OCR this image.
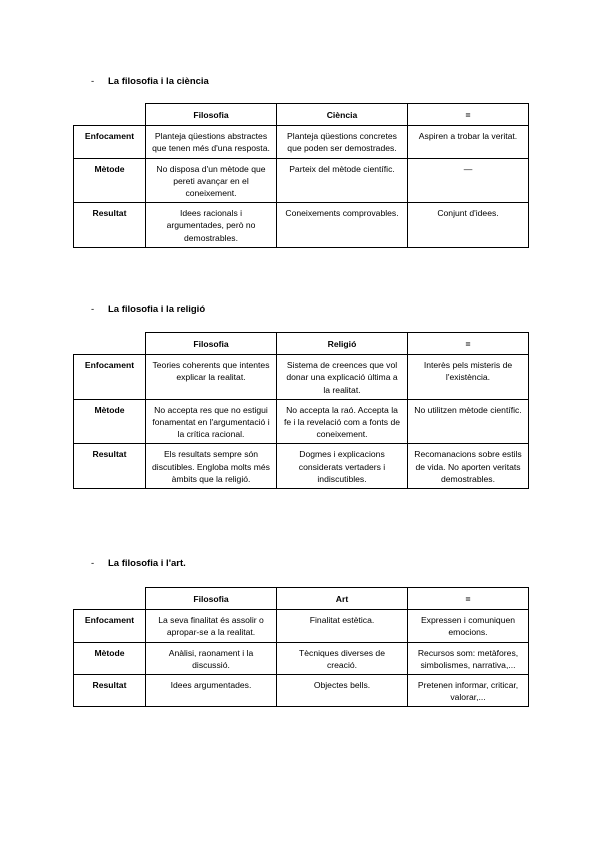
- La filosofia i la ciència
	Filosofia	Ciència	=
Enfocament	Planteja qüestions abstractes que tenen més d'una resposta.	Planteja qüestions concretes que poden ser demostrades.	Aspiren a trobar la veritat.
Mètode	No disposa d'un mètode que pereti avançar en el coneixement.	Parteix del mètode científic.	—
Resultat	Idees racionals i argumentades, però no demostrables.	Coneixements comprovables.	Conjunt d'idees.
- La filosofia i la religió
	Filosofia	Religió	=
Enfocament	Teories coherents que intentes explicar la realitat.	Sistema de creences que vol donar una explicació última a la realitat.	Interès pels misteris de l'existència.
Mètode	No accepta res que no estigui fonamentat en l'argumentació i la crítica racional.	No accepta la raó. Accepta la fe i la revelació com a fonts de coneixement.	No utilitzen mètode científic.
Resultat	Els resultats sempre són discutibles. Engloba molts més àmbits que la religió.	Dogmes i explicacions considerats vertaders i indiscutibles.	Recomanacions sobre estils de vida. No aporten veritats demostrables.
- La filosofia i l'art.
	Filosofia	Art	=
Enfocament	La seva finalitat és assolir o apropar-se a la realitat.	Finalitat estètica.	Expressen i comuniquen emocions.
Mètode	Anàlisi, raonament i la discussió.	Tècniques diverses de creació.	Recursos som: metàfores, simbolismes, narrativa,...
Resultat	Idees argumentades.	Objectes bells.	Pretenen informar, criticar, valorar,...
